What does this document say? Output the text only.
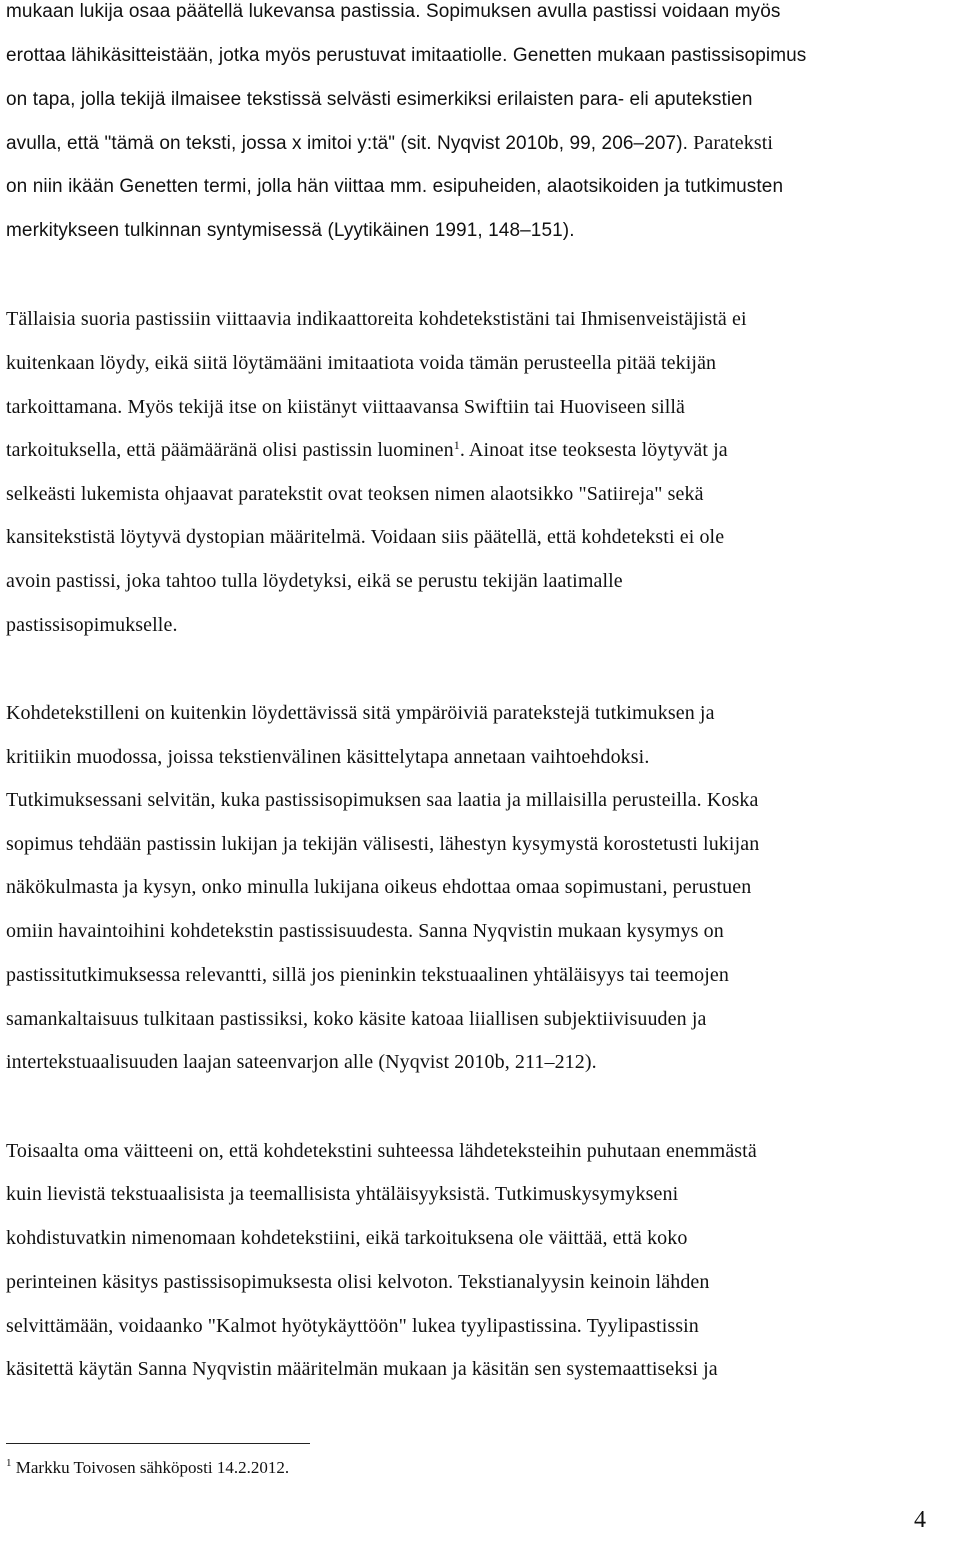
mukaan lukija osaa päätellä lukevansa pastissia. Sopimuksen avulla pastissi voidaan myös
erottaa lähikäsitteistään, jotka myös perustuvat imitaatiolle. Genetten mukaan pastissisopimus
on tapa, jolla tekijä ilmaisee tekstissä selvästi esimerkiksi erilaisten para- eli aputekstien
avulla, että "tämä on teksti, jossa x imitoi y:tä" (sit. Nyqvist 2010b, 99, 206–207). Parateksti
on niin ikään Genetten termi, jolla hän viittaa mm. esipuheiden, alaotsikoiden ja tutkimusten
merkitykseen tulkinnan syntymisessä (Lyytikäinen 1991, 148–151).
Tällaisia suoria pastissiin viittaavia indikaattoreita kohdetekstistäni tai Ihmisenveistäjistä ei
kuitenkaan löydy, eikä siitä löytämääni imitaatiota voida tämän perusteella pitää tekijän
tarkoittamana. Myös tekijä itse on kiistänyt viittaavansa Swiftiin tai Huoviseen sillä
tarkoituksella, että päämääränä olisi pastissin luominen$^1$. Ainoat itse teoksesta löytyvät ja
selkeästi lukemista ohjaavat paratekstit ovat teoksen nimen alaotsikko "Satiireja" sekä
kansitekstistä löytyvä dystopian määritelmä. Voidaan siis päätellä, että kohdeteksti ei ole
avoin pastissi, joka tahtoo tulla löydetyksi, eikä se perustu tekijän laatimalle
pastissisopimukselle.
Kohdetekstilleni on kuitenkin löydettävissä sitä ympäröiviä paratekstejä tutkimuksen ja
kritiikin muodossa, joissa tekstienvälinen käsittelytapa annetaan vaihtoehdoksi.
Tutkimuksessani selvitän, kuka pastissisopimuksen saa laatia ja millaisilla perusteilla. Koska
sopimus tehdään pastissin lukijan ja tekijän välisesti, lähestyn kysymystä korostetusti lukijan
näkökulmasta ja kysyn, onko minulla lukijana oikeus ehdottaa omaa sopimustani, perustuen
omiin havaintoihini kohdetekstin pastissisuudesta. Sanna Nyqvistin mukaan kysymys on
pastissitutkimuksessa relevantti, sillä jos pieninkin tekstuaalinen yhtäläisyys tai teemojen
samankaltaisuus tulkitaan pastissiksi, koko käsite katoaa liiallisen subjektiivisuuden ja
intertekstuaalisuuden laajan sateenvarjon alle (Nyqvist 2010b, 211–212).
Toisaalta oma väitteeni on, että kohdetekstini suhteessa lähdeteksteihin puhutaan enemmästä
kuin lievistä tekstuaalisista ja teemallisista yhtäläisyyksistä. Tutkimuskysymykseni
kohdistuvatkin nimenomaan kohdetekstiini, eikä tarkoituksena ole väittää, että koko
perinteinen käsitys pastissisopimuksesta olisi kelvoton. Tekstianalyysin keinoin lähden
selvittämään, voidaanko "Kalmot hyötykäyttöön" lukea tyylipastissina. Tyylipastissin
käsitettä käytän Sanna Nyqvistin määritelmän mukaan ja käsitän sen systemaattiseksi ja
$^1$ Markku Toivosen sähköposti 14.2.2012.
4
